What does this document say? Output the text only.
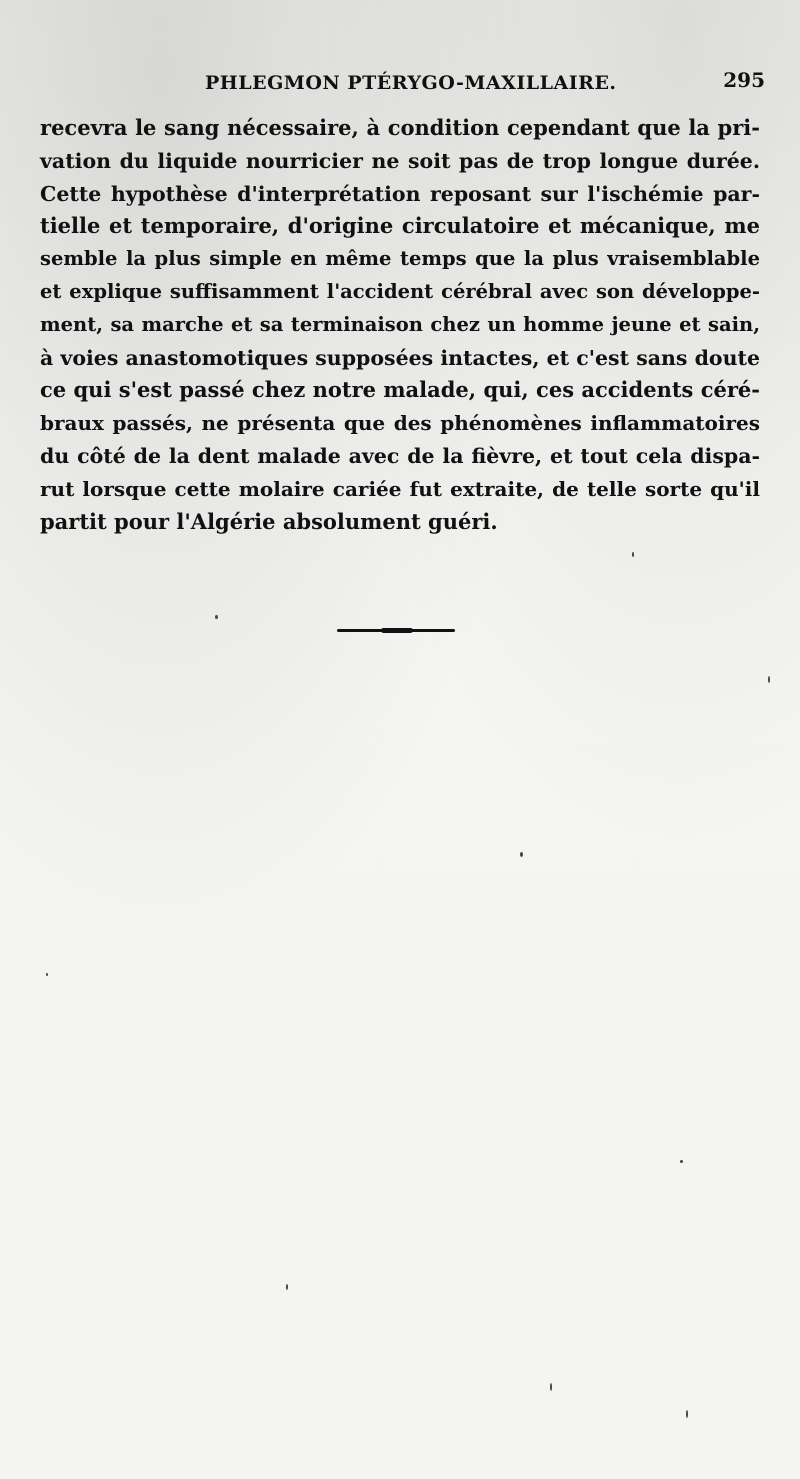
PHLEGMON PTÉRYGO-MAXILLAIRE.	295
recevra le sang nécessaire, à condition cependant que la pri-
vation du liquide nourricier ne soit pas de trop longue durée.
Cette hypothèse d'interprétation reposant sur l'ischémie par-
tielle et temporaire, d'origine circulatoire et mécanique, me
semble la plus simple en même temps que la plus vraisemblable
et explique suffisamment l'accident cérébral avec son développe-
ment, sa marche et sa terminaison chez un homme jeune et sain,
à voies anastomotiques supposées intactes, et c'est sans doute
ce qui s'est passé chez notre malade, qui, ces accidents céré-
braux passés, ne présenta que des phénomènes inflammatoires
du côté de la dent malade avec de la fièvre, et tout cela dispa-
rut lorsque cette molaire cariée fut extraite, de telle sorte qu'il
partit pour l'Algérie absolument guéri.
